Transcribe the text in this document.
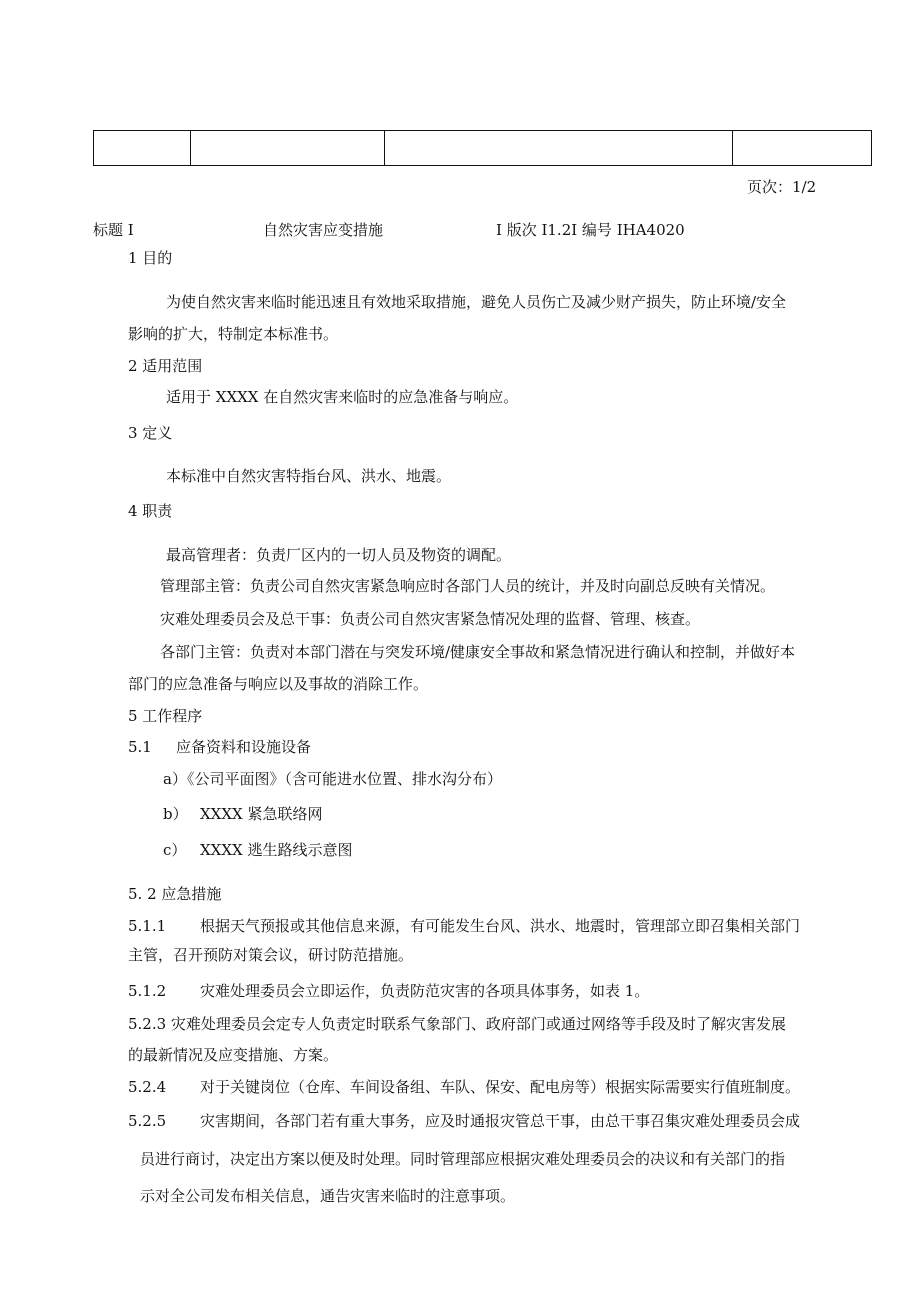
页次：1/2
标题 I	自然灾害应变措施	I 版次 I1.2I 编号 IHA4020
1 目的
为使自然灾害来临时能迅速且有效地采取措施，避免人员伤亡及减少财产损失，防止环境/安全
影响的扩大，特制定本标准书。
2 适用范围
适用于 XXXX 在自然灾害来临时的应急准备与响应。
3 定义
本标准中自然灾害特指台风、洪水、地震。
4 职责
最高管理者：负责厂区内的一切人员及物资的调配。
管理部主管：负责公司自然灾害紧急响应时各部门人员的统计，并及时向副总反映有关情况。
灾难处理委员会及总干事：负责公司自然灾害紧急情况处理的监督、管理、核查。
各部门主管：负责对本部门潜在与突发环境/健康安全事故和紧急情况进行确认和控制，并做好本
部门的应急准备与响应以及事故的消除工作。
5 工作程序
5.1 应备资料和设施设备
a）《公司平面图》（含可能进水位置、排水沟分布）
b） XXXX 紧急联络网
c） XXXX 逃生路线示意图
5. 2 应急措施
5.1.1 根据天气预报或其他信息来源，有可能发生台风、洪水、地震时，管理部立即召集相关部门
主管，召开预防对策会议，研讨防范措施。
5.1.2 灾难处理委员会立即运作，负责防范灾害的各项具体事务，如表 1。
5.2.3 灾难处理委员会定专人负责定时联系气象部门、政府部门或通过网络等手段及时了解灾害发展
的最新情况及应变措施、方案。
5.2.4 对于关键岗位（仓库、车间设备组、车队、保安、配电房等）根据实际需要实行值班制度。
5.2.5 灾害期间，各部门若有重大事务，应及时通报灾管总干事，由总干事召集灾难处理委员会成
员进行商讨，决定出方案以便及时处理。同时管理部应根据灾难处理委员会的决议和有关部门的指
示对全公司发布相关信息，通告灾害来临时的注意事项。
